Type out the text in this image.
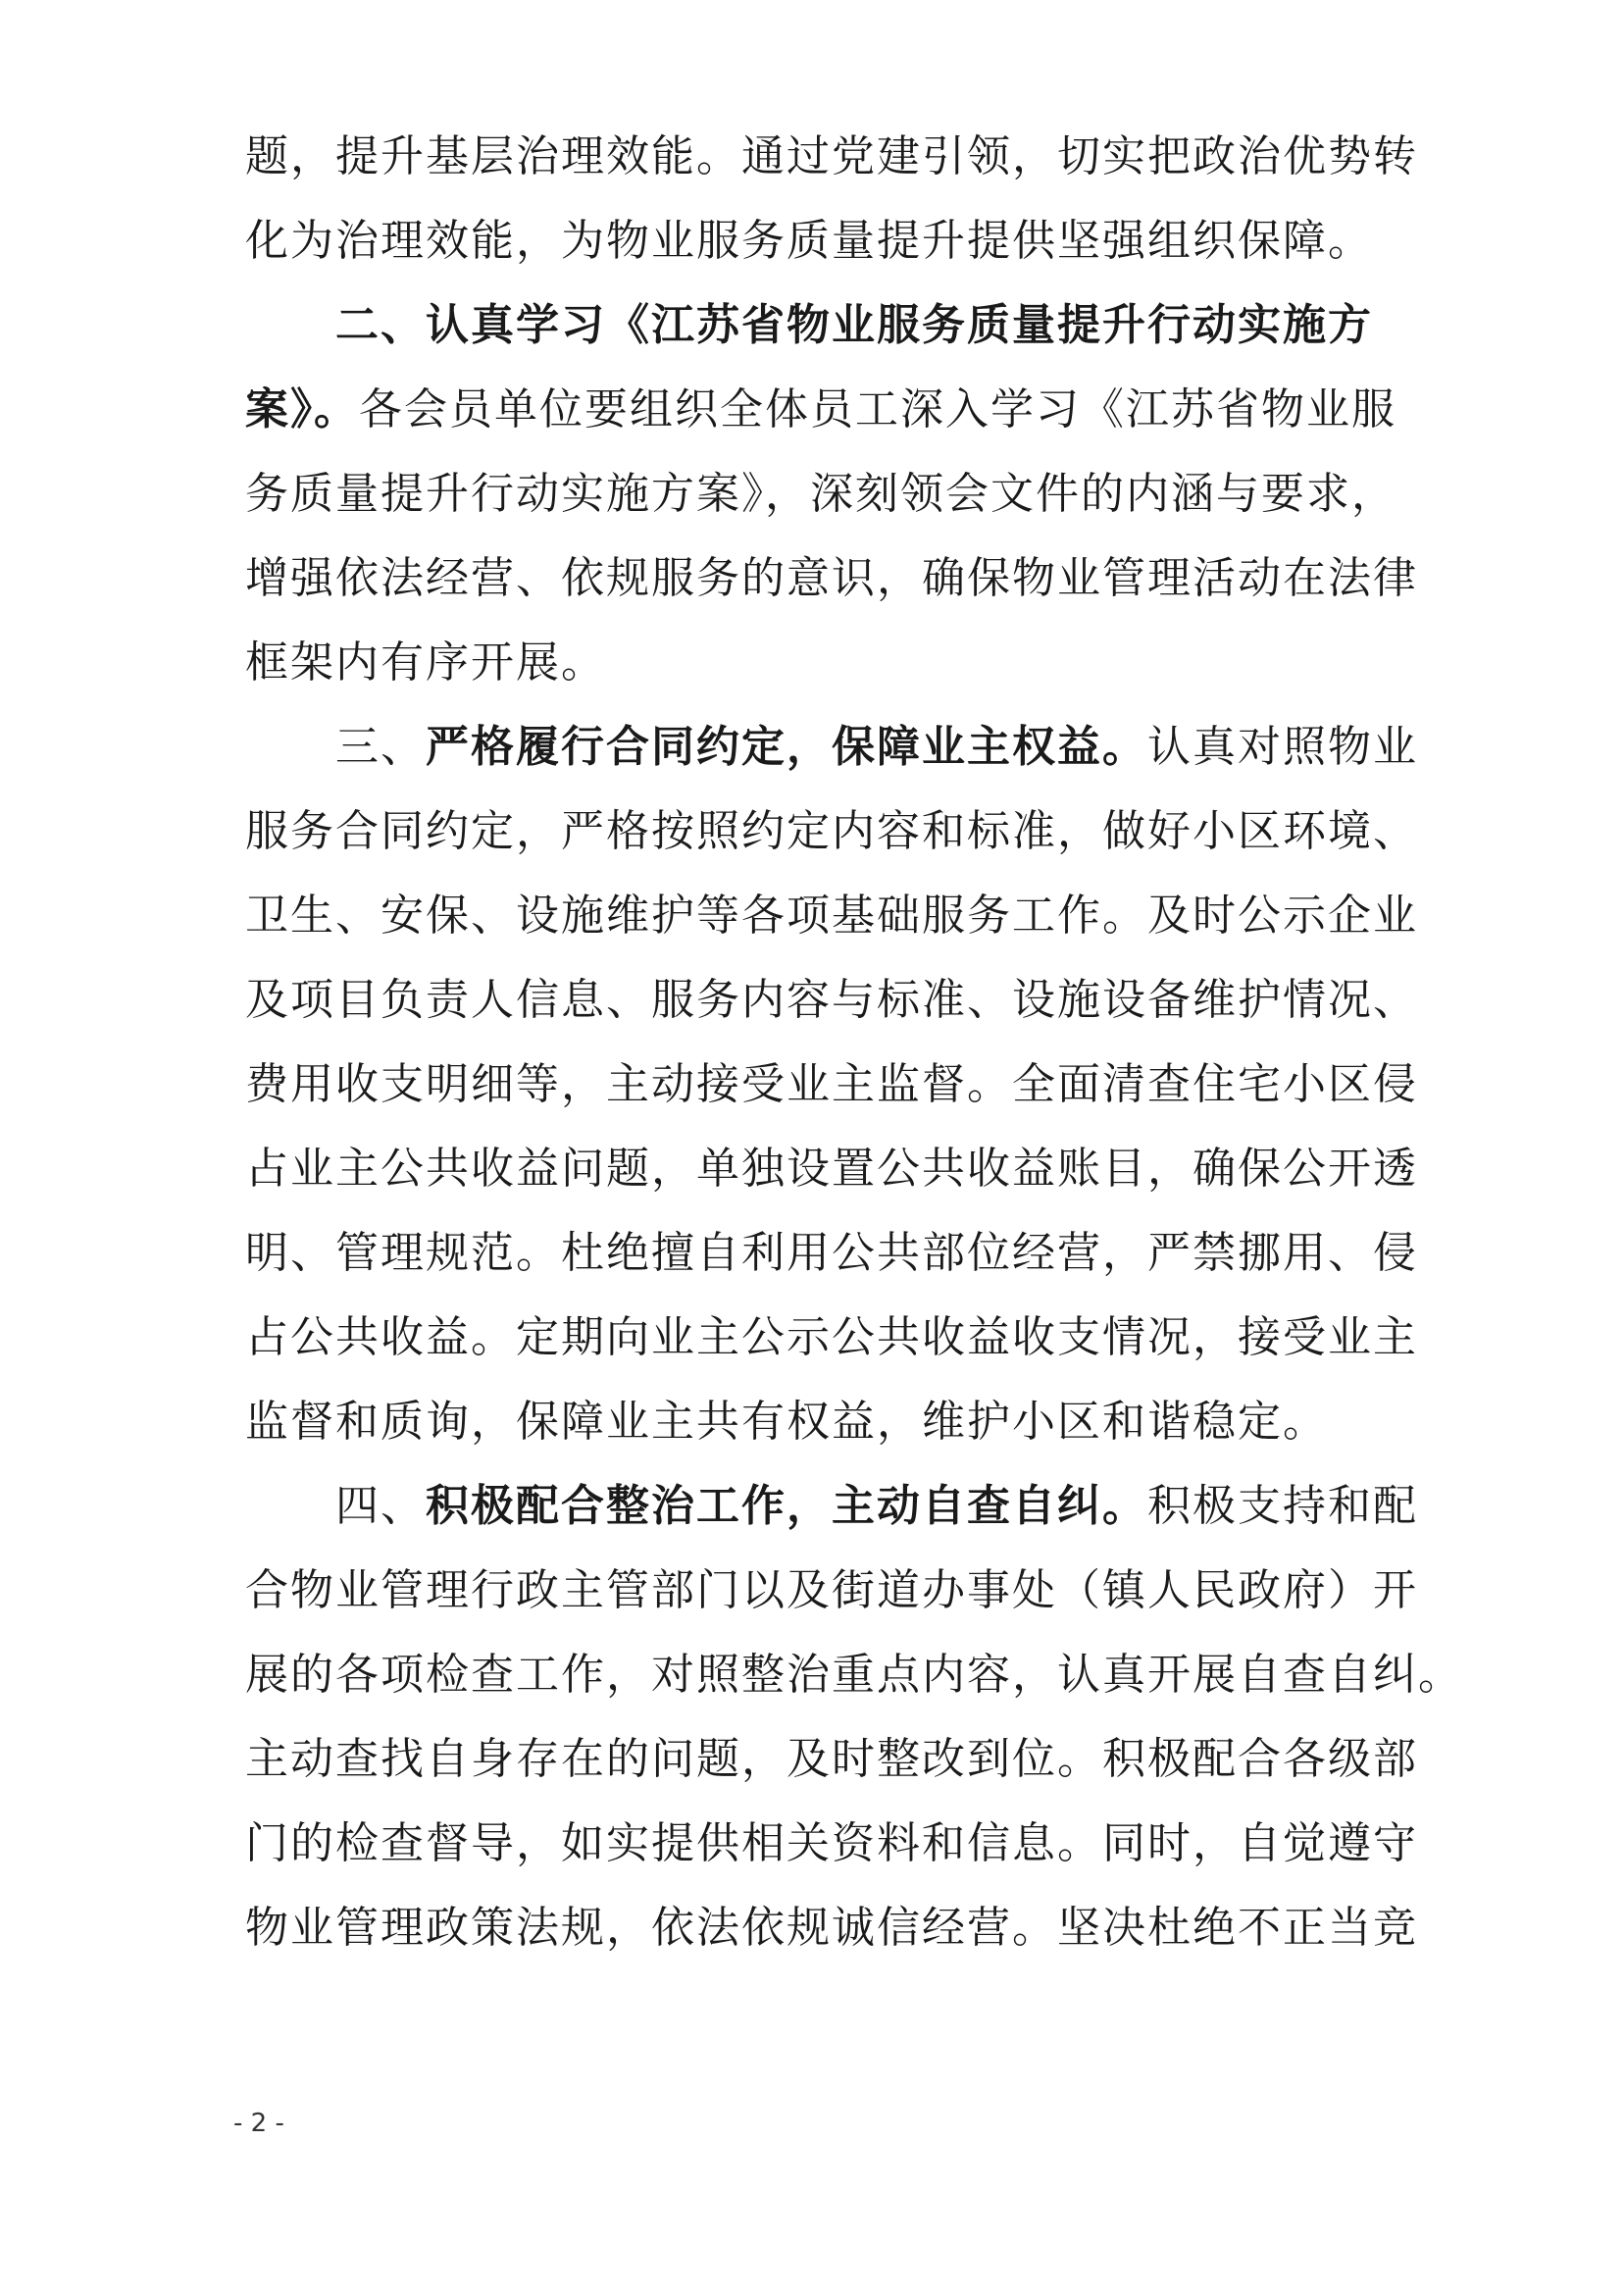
题，提升基层治理效能。通过党建引领，切实把政治优势转
化为治理效能，为物业服务质量提升提供坚强组织保障。
二、认真学习《江苏省物业服务质量提升行动实施方
案》。各会员单位要组织全体员工深入学习《江苏省物业服
务质量提升行动实施方案》，深刻领会文件的内涵与要求，
增强依法经营、依规服务的意识，确保物业管理活动在法律
框架内有序开展。
三、严格履行合同约定，保障业主权益。认真对照物业
服务合同约定，严格按照约定内容和标准，做好小区环境、
卫生、安保、设施维护等各项基础服务工作。及时公示企业
及项目负责人信息、服务内容与标准、设施设备维护情况、
费用收支明细等，主动接受业主监督。全面清查住宅小区侵
占业主公共收益问题，单独设置公共收益账目，确保公开透
明、管理规范。杜绝擅自利用公共部位经营，严禁挪用、侵
占公共收益。定期向业主公示公共收益收支情况，接受业主
监督和质询，保障业主共有权益，维护小区和谐稳定。
四、积极配合整治工作，主动自查自纠。积极支持和配
合物业管理行政主管部门以及街道办事处（镇人民政府）开
展的各项检查工作，对照整治重点内容，认真开展自查自纠。
主动查找自身存在的问题，及时整改到位。积极配合各级部
门的检查督导，如实提供相关资料和信息。同时，自觉遵守
物业管理政策法规，依法依规诚信经营。坚决杜绝不正当竞
- 2 -
